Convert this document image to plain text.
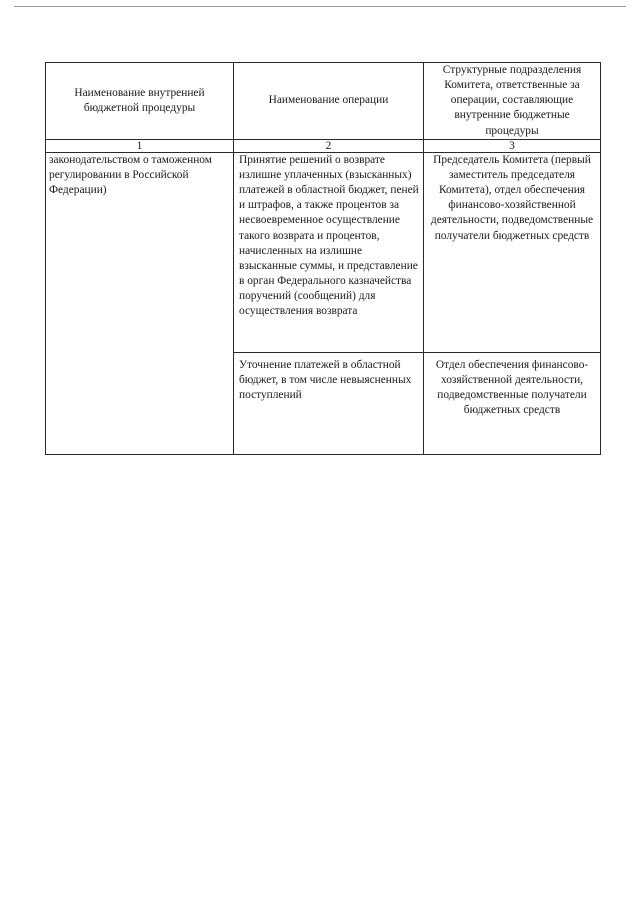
Наименование внутренней бюджетной процедуры	Наименование операции	Структурные подразделения Комитета, ответственные за операции, составляющие внутренние бюджетные процедуры
1	2	3
законодательством о таможенном регулировании в Российской Федерации)	Принятие решений о возврате излишне уплаченных (взысканных) платежей в областной бюджет, пеней и штрафов, а также процентов за несвоевременное осуществление такого возврата и процентов, начисленных на излишне взысканные суммы, и представление в орган Федерального казначейства поручений (сообщений) для осуществления возврата	Председатель Комитета (первый заместитель председателя Комитета), отдел обеспечения финансово-хозяйственной деятельности, подведомственные получатели бюджетных средств
	Уточнение платежей в областной бюджет, в том числе невыясненных поступлений	Отдел обеспечения финансово-хозяйственной деятельности, подведомственные получатели бюджетных средств
